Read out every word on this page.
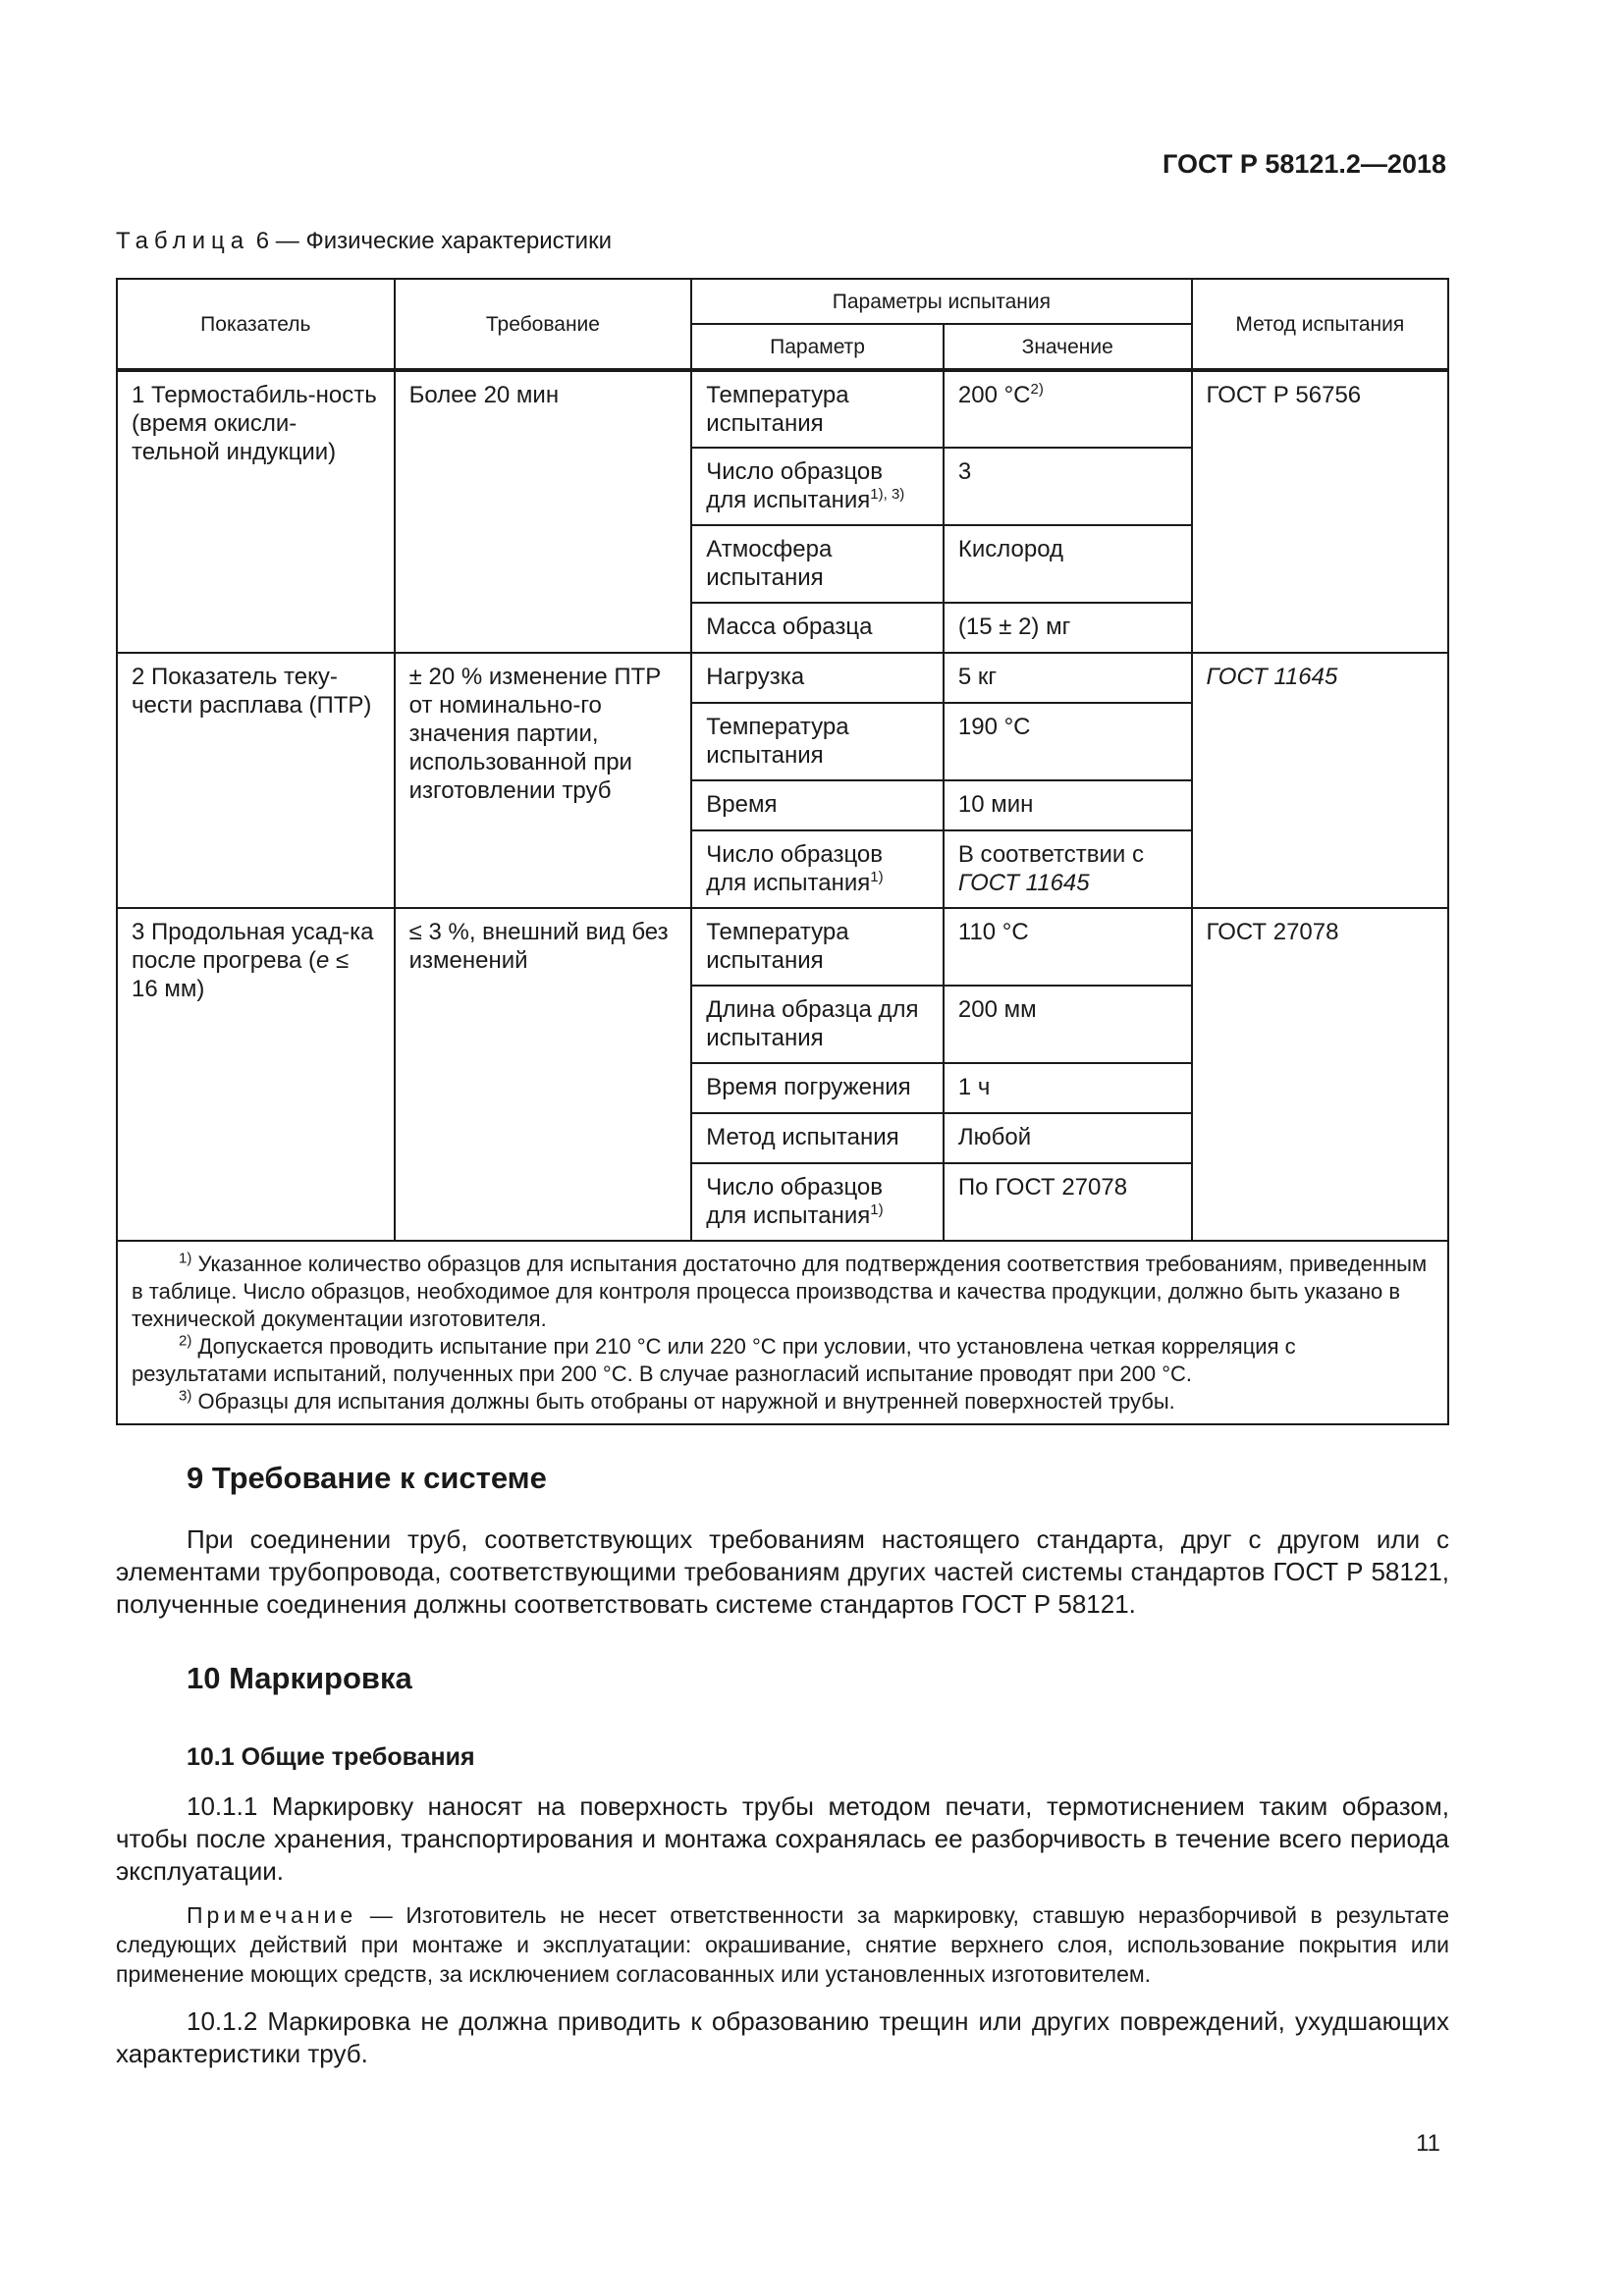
ГОСТ Р 58121.2—2018
Таблица 6 — Физические характеристики
Показатель	Требование	Параметры испытания		Метод испытания
		Параметр	Значение	
1 Термостабиль-ность (время окисли-тельной индукции)	Более 20 мин	Температура испытания	200 $^\circ С^{2)}$	ГОСТ Р 56756
		Число образцов для испытания$^{1), 3)}$	3	
		Атмосфера испытания	Кислород	
		Масса образца	(15 ± 2) мг	
2 Показатель теку-чести расплава (ПТР)	± 20 % изменение ПТР от номинально-го значения партии, использованной при изготовлении труб	Нагрузка	5 кг	ГОСТ 11645
		Температура испытания	190 °С	
		Время	10 мин	
		Число образцов для испытания$^{1)}$	В соответствии с
ГОСТ 11645	
3 Продольная усад-ка после прогрева (e ≤ 16 мм)	≤ 3 %, внешний вид без изменений	Температура испытания	110 °С	ГОСТ 27078
		Длина образца для испытания	200 мм	
		Время погружения	1 ч	
		Метод испытания	Любой	
		Число образцов для испытания$^{1)}$	По ГОСТ 27078	

$^{1)}$ Указанное количество образцов для испытания достаточно для подтверждения соответствия требованиям, приведенным в таблице. Число образцов, необходимое для контроля процесса производства и качества продукции, должно быть указано в технической документации изготовителя.

$^{2)}$ Допускается проводить испытание при 210 °С или 220 °С при условии, что установлена четкая корреляция с результатами испытаний, полученных при 200 °С. В случае разногласий испытание проводят при 200 °С.

$^{3)}$ Образцы для испытания должны быть отобраны от наружной и внутренней поверхностей трубы.				

9 Требование к системе

При соединении труб, соответствующих требованиям настоящего стандарта, друг с другом или с элементами трубопровода, соответствующими требованиям других частей системы стандартов ГОСТ Р 58121, полученные соединения должны соответствовать системе стандартов ГОСТ Р 58121.

10 Маркировка
10.1 Общие требования

10.1.1 Маркировку наносят на поверхность трубы методом печати, термотиснением таким образом, чтобы после хранения, транспортирования и монтажа сохранялась ее разборчивость в течение всего периода эксплуатации.

Примечание — Изготовитель не несет ответственности за маркировку, ставшую неразборчивой в результате следующих действий при монтаже и эксплуатации: окрашивание, снятие верхнего слоя, использование покрытия или применение моющих средств, за исключением согласованных или установленных изготовителем.

10.1.2 Маркировка не должна приводить к образованию трещин или других повреждений, ухудшающих характеристики труб.

11
